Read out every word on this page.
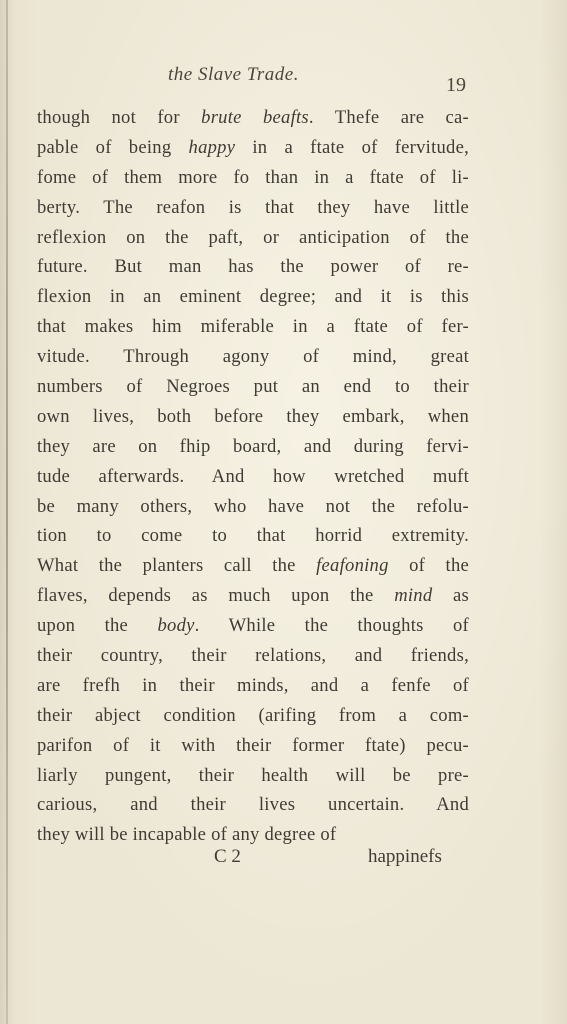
the Slave Trade.	19
though not for brute beafts. Thefe are ca-
pable of being happy in a ftate of fervitude,
fome of them more fo than in a ftate of li-
berty. The reafon is that they have little
reflexion on the paft, or anticipation of the
future. But man has the power of re-
flexion in an eminent degree; and it is this
that makes him miferable in a ftate of fer-
vitude. Through agony of mind, great
numbers of Negroes put an end to their
own lives, both before they embark, when
they are on fhip board, and during fervi-
tude afterwards. And how wretched muft
be many others, who have not the refolu-
tion to come to that horrid extremity.
What the planters call the feafoning of the
flaves, depends as much upon the mind as
upon the body. While the thoughts of
their country, their relations, and friends,
are frefh in their minds, and a fenfe of
their abject condition (arifing from a com-
parifon of it with their former ftate) pecu-
liarly pungent, their health will be pre-
carious, and their lives uncertain. And
they will be incapable of any degree of
C 2	happinefs
